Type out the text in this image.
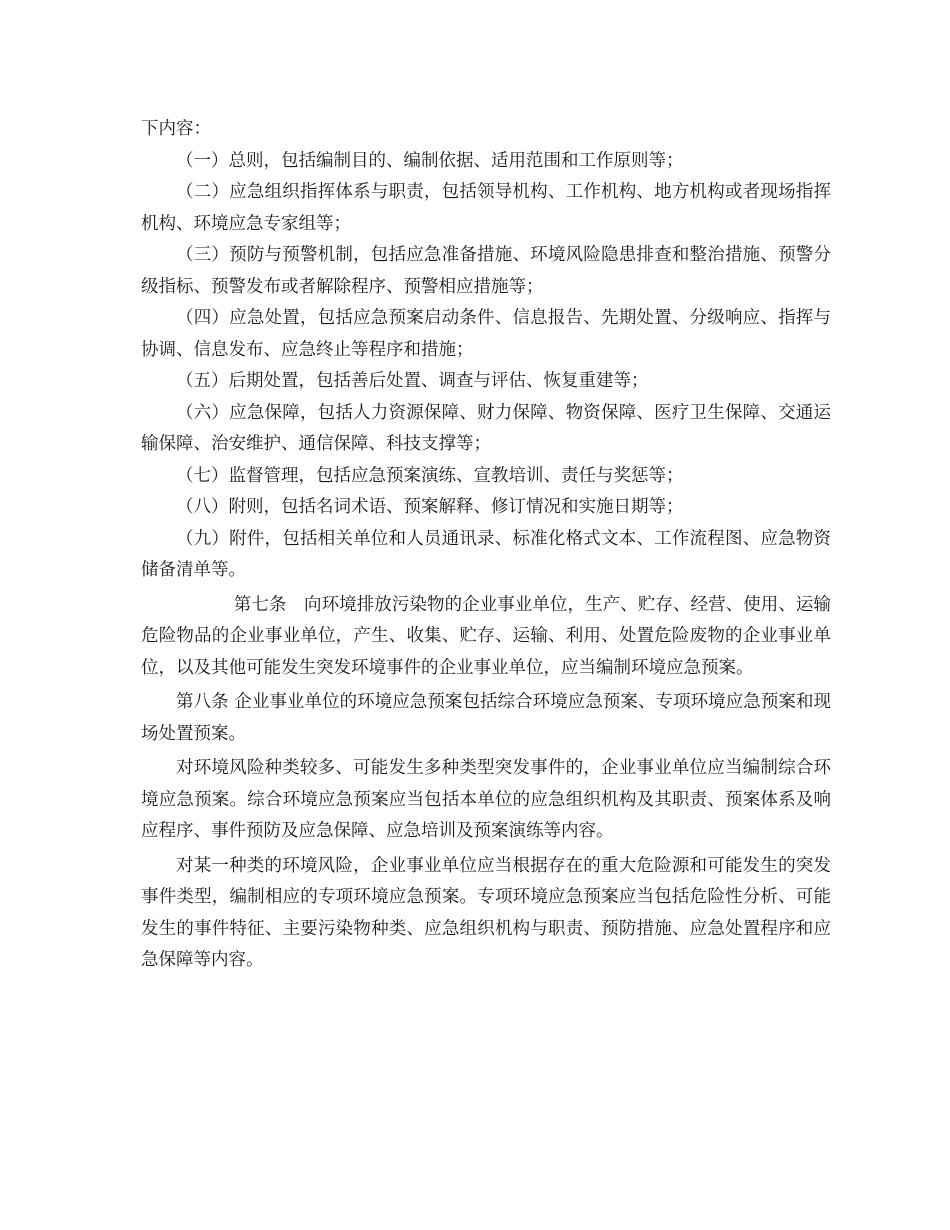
下内容：

（一）总则，包括编制目的、编制依据、适用范围和工作原则等；

（二）应急组织指挥体系与职责，包括领导机构、工作机构、地方机构或者现场指挥机构、环境应急专家组等；

（三）预防与预警机制，包括应急准备措施、环境风险隐患排查和整治措施、预警分级指标、预警发布或者解除程序、预警相应措施等；

（四）应急处置，包括应急预案启动条件、信息报告、先期处置、分级响应、指挥与协调、信息发布、应急终止等程序和措施；

（五）后期处置，包括善后处置、调查与评估、恢复重建等；

（六）应急保障，包括人力资源保障、财力保障、物资保障、医疗卫生保障、交通运输保障、治安维护、通信保障、科技支撑等；

（七）监督管理，包括应急预案演练、宣教培训、责任与奖惩等；

（八）附则，包括名词术语、预案解释、修订情况和实施日期等；

（九）附件，包括相关单位和人员通讯录、标准化格式文本、工作流程图、应急物资储备清单等。

第七条　向环境排放污染物的企业事业单位，生产、贮存、经营、使用、运输危险物品的企业事业单位，产生、收集、贮存、运输、利用、处置危险废物的企业事业单位，以及其他可能发生突发环境事件的企业事业单位，应当编制环境应急预案。

第八条 企业事业单位的环境应急预案包括综合环境应急预案、专项环境应急预案和现场处置预案。

对环境风险种类较多、可能发生多种类型突发事件的，企业事业单位应当编制综合环境应急预案。综合环境应急预案应当包括本单位的应急组织机构及其职责、预案体系及响应程序、事件预防及应急保障、应急培训及预案演练等内容。

对某一种类的环境风险，企业事业单位应当根据存在的重大危险源和可能发生的突发事件类型，编制相应的专项环境应急预案。专项环境应急预案应当包括危险性分析、可能发生的事件特征、主要污染物种类、应急组织机构与职责、预防措施、应急处置程序和应急保障等内容。
